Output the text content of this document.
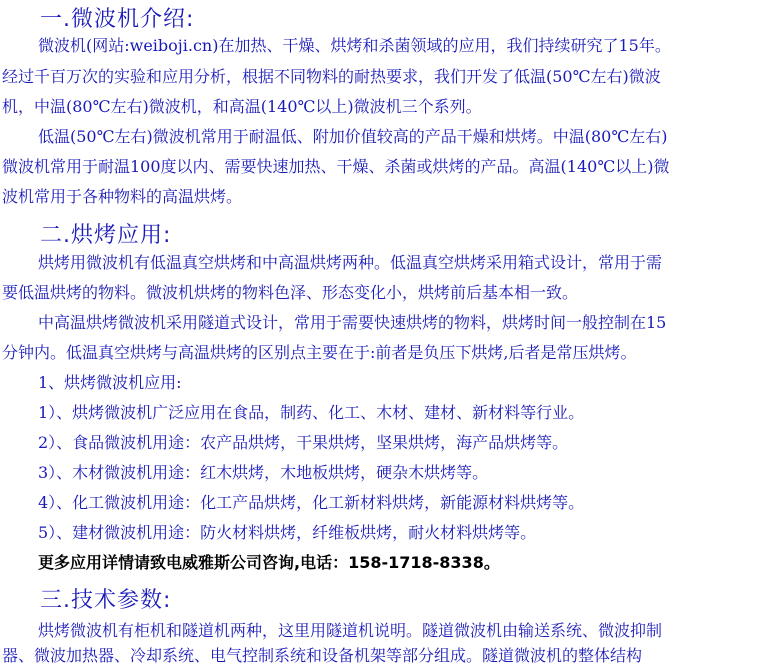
一.微波机介绍:
微波机(网站:weiboji.cn)在加热、干燥、烘烤和杀菌领域的应用，我们持续研究了15年。
经过千百万次的实验和应用分析，根据不同物料的耐热要求，我们开发了低温(50℃左右)微波
机，中温(80℃左右)微波机，和高温(140℃以上)微波机三个系列。
低温(50℃左右)微波机常用于耐温低、附加价值较高的产品干燥和烘烤。中温(80℃左右)
微波机常用于耐温100度以内、需要快速加热、干燥、杀菌或烘烤的产品。高温(140℃以上)微
波机常用于各种物料的高温烘烤。
二.烘烤应用:
烘烤用微波机有低温真空烘烤和中高温烘烤两种。低温真空烘烤采用箱式设计，常用于需
要低温烘烤的物料。微波机烘烤的物料色泽、形态变化小，烘烤前后基本相一致。
中高温烘烤微波机采用隧道式设计，常用于需要快速烘烤的物料，烘烤时间一般控制在15
分钟内。低温真空烘烤与高温烘烤的区别点主要在于:前者是负压下烘烤,后者是常压烘烤。
1、烘烤微波机应用:
1）、烘烤微波机广泛应用在食品，制药、化工、木材、建材、新材料等行业。
2）、食品微波机用途：农产品烘烤，干果烘烤，坚果烘烤，海产品烘烤等。
3）、木材微波机用途：红木烘烤，木地板烘烤，硬杂木烘烤等。
4）、化工微波机用途：化工产品烘烤，化工新材料烘烤，新能源材料烘烤等。
5）、建材微波机用途：防火材料烘烤，纤维板烘烤，耐火材料烘烤等。
更多应用详情请致电威雅斯公司咨询,电话：158-1718-8338。
三.技术参数:
烘烤微波机有柜机和隧道机两种，这里用隧道机说明。隧道微波机由输送系统、微波抑制
器、微波加热器、冷却系统、电气控制系统和设备机架等部分组成。隧道微波机的整体结构
